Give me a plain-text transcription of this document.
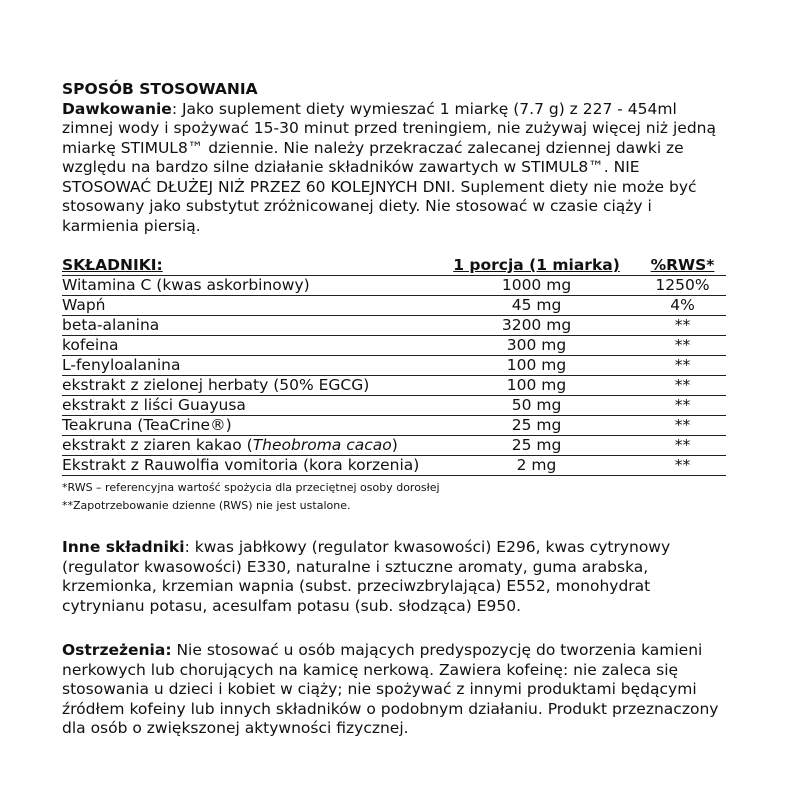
SPOSÓB STOSOWANIA
Dawkowanie: Jako suplement diety wymieszać 1 miarkę (7.7 g) z 227 - 454ml zimnej wody i spożywać 15-30 minut przed treningiem, nie zużywaj więcej niż jedną miarkę STIMUL8™ dziennie. Nie należy przekraczać zalecanej dziennej dawki ze względu na bardzo silne działanie składników zawartych w STIMUL8™. NIE STOSOWAĆ DŁUŻEJ NIŻ PRZEZ 60 KOLEJNYCH DNI. Suplement diety nie może być stosowany jako substytut zróżnicowanej diety. Nie stosować w czasie ciąży i karmienia piersią.
SKŁADNIKI:	1 porcja (1 miarka)	%RWS*
Witamina C (kwas askorbinowy)	1000 mg	1250%
Wapń	45 mg	4%
beta-alanina	3200 mg	**
kofeina	300 mg	**
L-fenyloalanina	100 mg	**
ekstrakt z zielonej herbaty (50% EGCG)	100 mg	**
ekstrakt z liści Guayusa	50 mg	**
Teakruna (TeaCrine®)	25 mg	**
ekstrakt z ziaren kakao (Theobroma cacao)	25 mg	**
Ekstrakt z Rauwolfia vomitoria (kora korzenia)	2 mg	**
*RWS – referencyjna wartość spożycia dla przeciętnej osoby dorosłej
**Zapotrzebowanie dzienne (RWS) nie jest ustalone.
Inne składniki: kwas jabłkowy (regulator kwasowości) E296, kwas cytrynowy (regulator kwasowości) E330, naturalne i sztuczne aromaty, guma arabska, krzemionka, krzemian wapnia (subst. przeciwzbrylająca) E552, monohydrat cytrynianu potasu, acesulfam potasu (sub. słodząca) E950.
Ostrzeżenia: Nie stosować u osób mających predyspozycję do tworzenia kamieni nerkowych lub chorujących na kamicę nerkową. Zawiera kofeinę: nie zaleca się stosowania u dzieci i kobiet w ciąży; nie spożywać z innymi produktami będącymi źródłem kofeiny lub innych składników o podobnym działaniu. Produkt przeznaczony dla osób o zwiększonej aktywności fizycznej.
